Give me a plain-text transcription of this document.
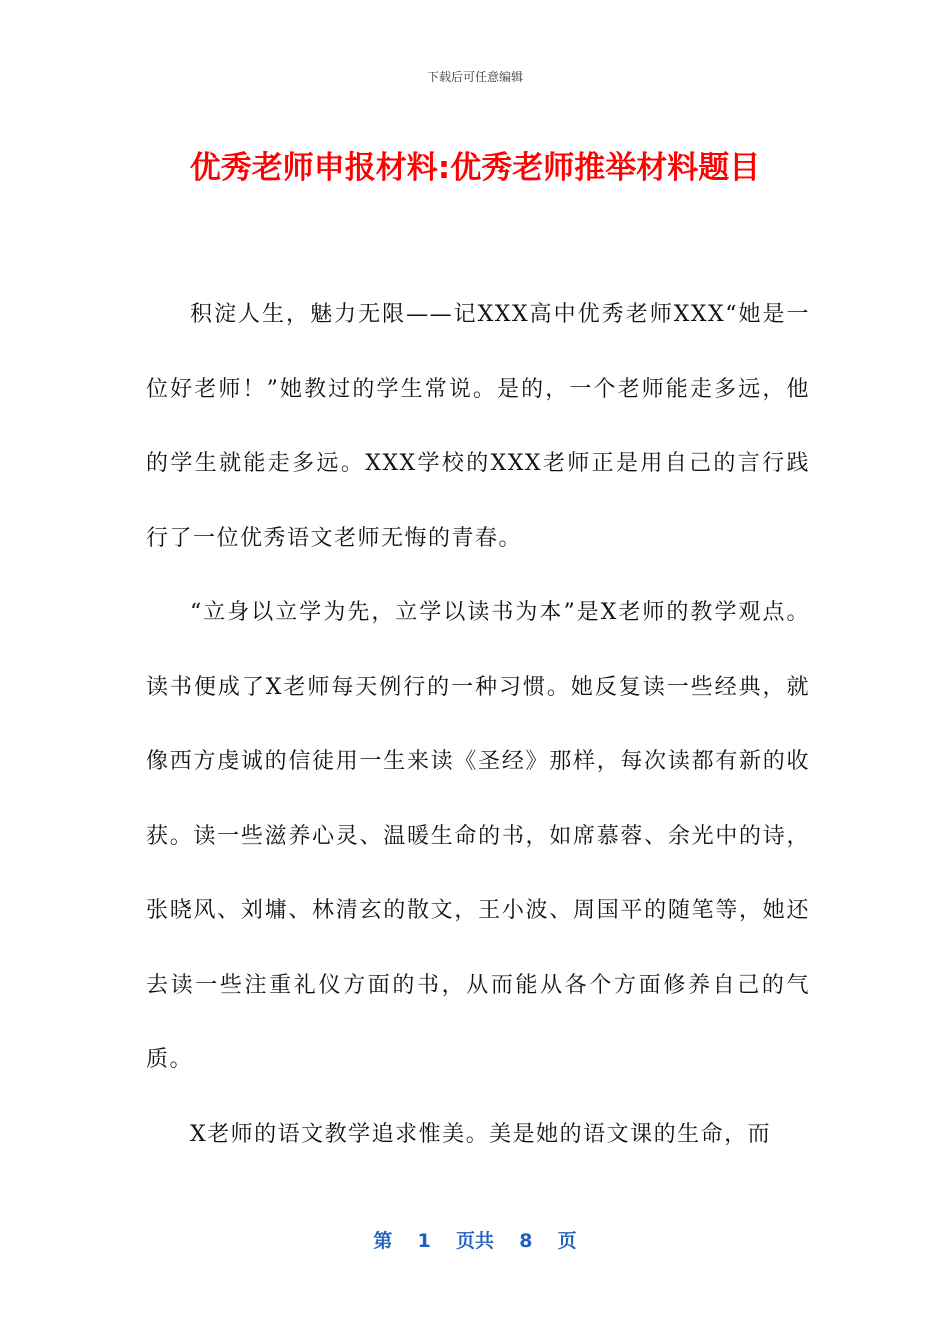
下载后可任意编辑
优秀老师申报材料:优秀老师推举材料题目

积淀人生，魅力无限——记XXX高中优秀老师XXX“她是一位好老师！”她教过的学生常说。是的，一个老师能走多远，他的学生就能走多远。XXX学校的XXX老师正是用自己的言行践行了一位优秀语文老师无悔的青春。

“立身以立学为先，立学以读书为本”是X老师的教学观点。读书便成了X老师每天例行的一种习惯。她反复读一些经典，就像西方虔诚的信徒用一生来读《圣经》那样，每次读都有新的收获。读一些滋养心灵、温暖生命的书，如席慕蓉、余光中的诗，张晓风、刘墉、林清玄的散文，王小波、周国平的随笔等，她还去读一些注重礼仪方面的书，从而能从各个方面修养自己的气质。

X老师的语文教学追求惟美。美是她的语文课的生命，而

第  1  页共  8  页
